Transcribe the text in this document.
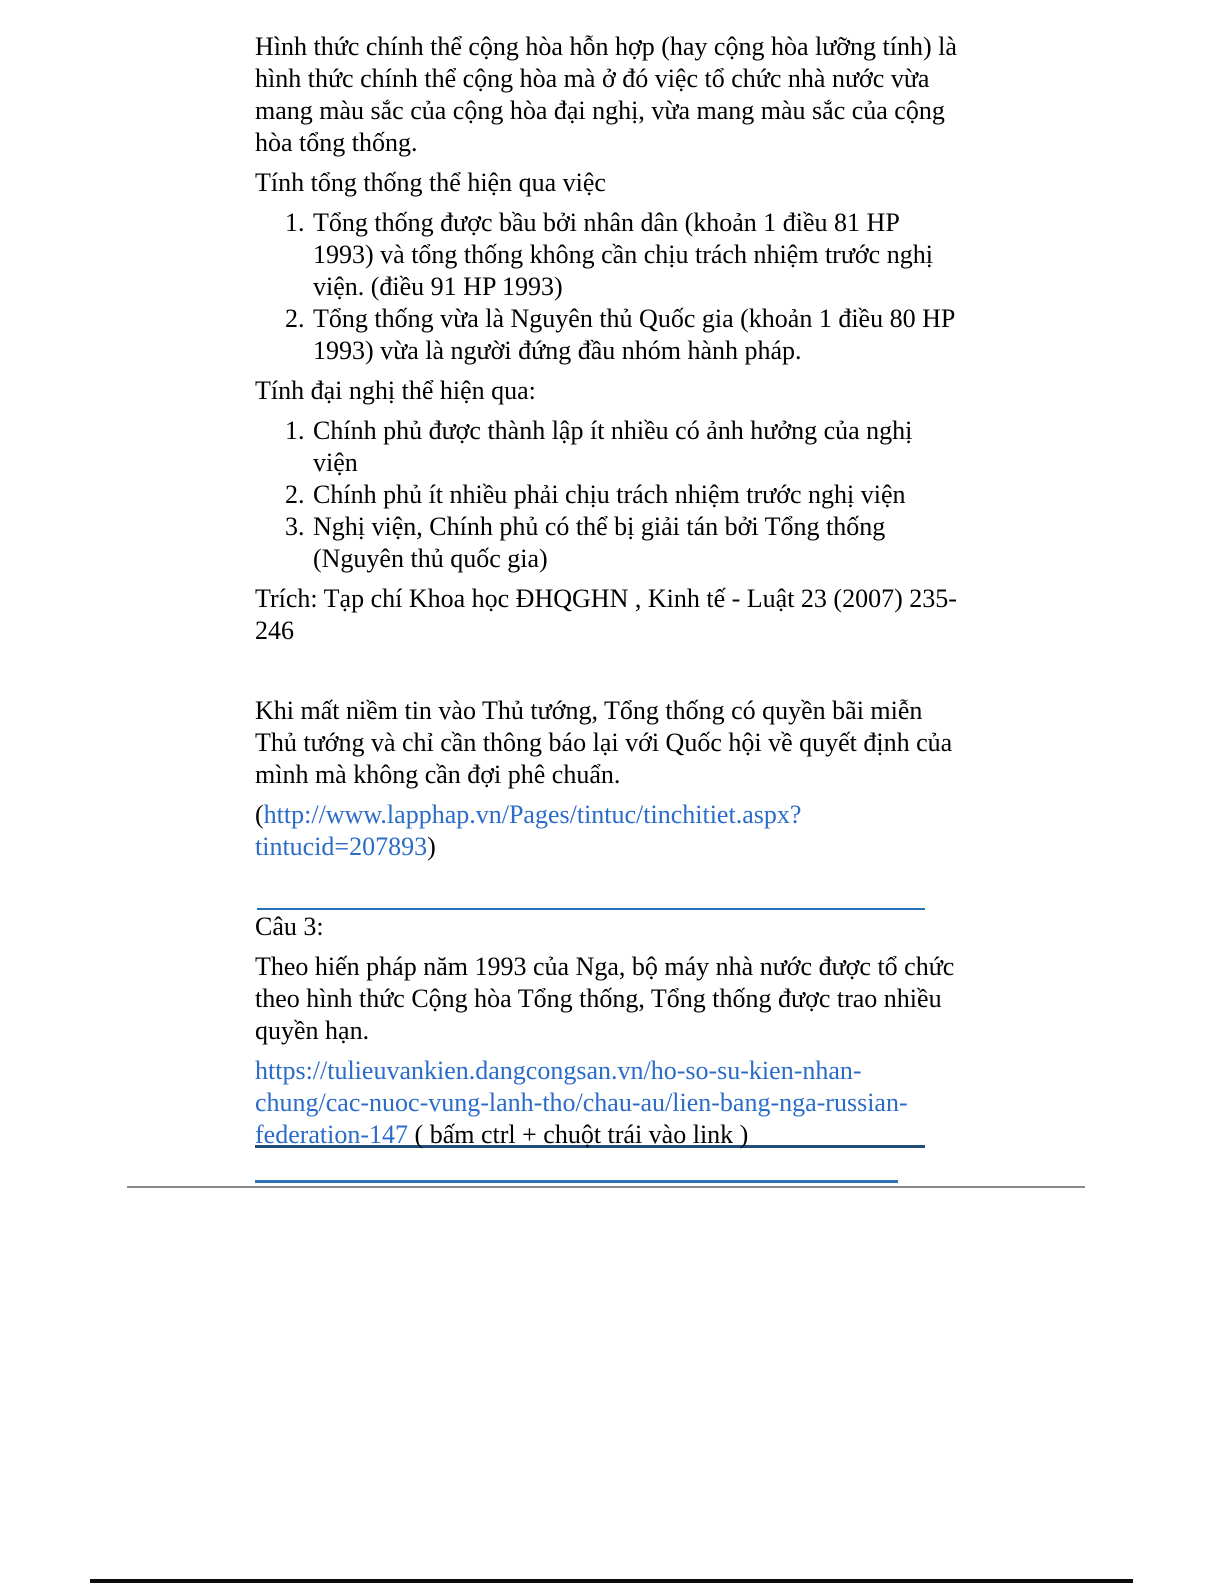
Hình thức chính thể cộng hòa hỗn hợp (hay cộng hòa lưỡng tính) là hình thức chính thể cộng hòa mà ở đó việc tổ chức nhà nước vừa mang màu sắc của cộng hòa đại nghị, vừa mang màu sắc của cộng hòa tổng thống.

Tính tổng thống thể hiện qua việc

1. Tổng thống được bầu bởi nhân dân (khoản 1 điều 81 HP 1993) và tổng thống không cần chịu trách nhiệm trước nghị viện. (điều 91 HP 1993)
2. Tổng thống vừa là Nguyên thủ Quốc gia (khoản 1 điều 80 HP 1993) vừa là người đứng đầu nhóm hành pháp.

Tính đại nghị thể hiện qua:

1. Chính phủ được thành lập ít nhiều có ảnh hưởng của nghị viện
2. Chính phủ ít nhiều phải chịu trách nhiệm trước nghị viện
3. Nghị viện, Chính phủ có thể bị giải tán bởi Tổng thống (Nguyên thủ quốc gia)

Trích: Tạp chí Khoa học ĐHQGHN , Kinh tế - Luật 23 (2007) 235-246

Khi mất niềm tin vào Thủ tướng, Tổng thống có quyền bãi miễn Thủ tướng và chỉ cần thông báo lại với Quốc hội về quyết định của mình mà không cần đợi phê chuẩn.

(http://www.lapphap.vn/Pages/tintuc/tinchitiet.aspx?tintucid=207893)

Câu 3:

Theo hiến pháp năm 1993 của Nga, bộ máy nhà nước được tổ chức theo hình thức Cộng hòa Tổng thống, Tổng thống được trao nhiều quyền hạn.

https://tulieuvankien.dangcongsan.vn/ho-so-su-kien-nhan-chung/cac-nuoc-vung-lanh-tho/chau-au/lien-bang-nga-russian-federation-147 ( bấm ctrl + chuột trái vào link )
